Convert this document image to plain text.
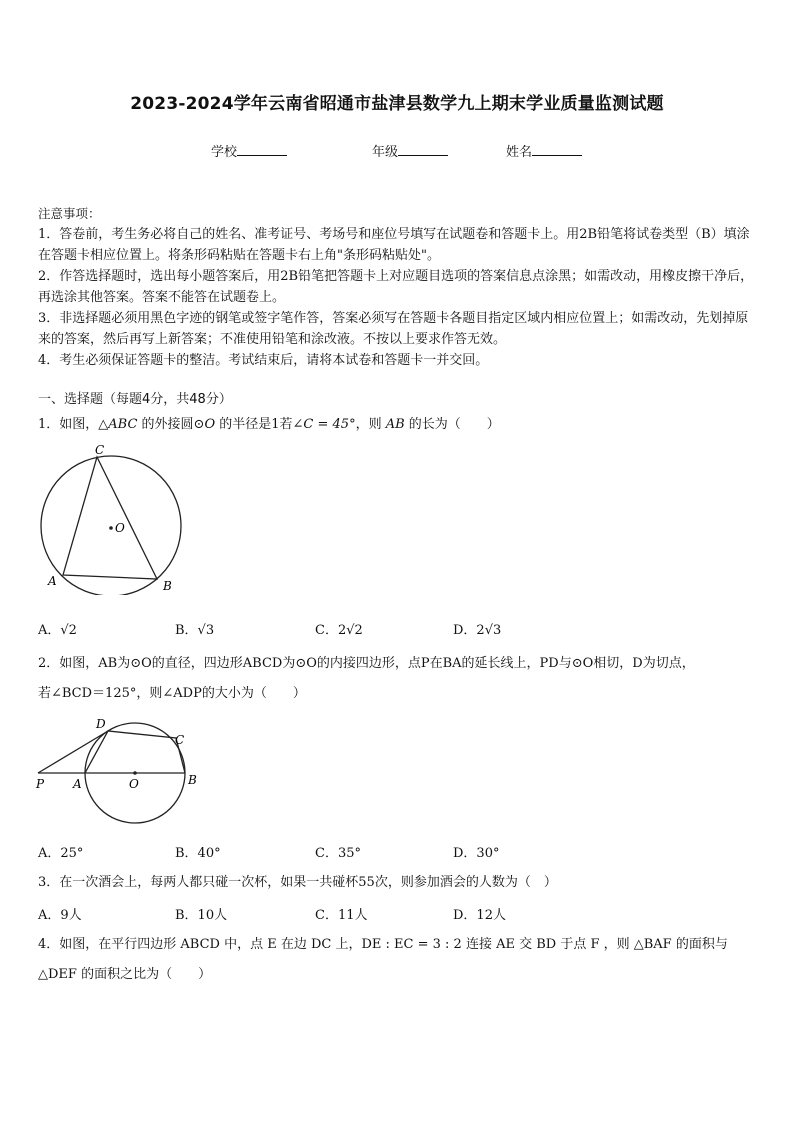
2023-2024学年云南省昭通市盐津县数学九上期末学业质量监测试题
学校	年级	姓名
注意事项：
1．答卷前，考生务必将自己的姓名、准考证号、考场号和座位号填写在试题卷和答题卡上。用2B铅笔将试卷类型（B）填涂在答题卡相应位置上。将条形码粘贴在答题卡右上角"条形码粘贴处"。
2．作答选择题时，选出每小题答案后，用2B铅笔把答题卡上对应题目选项的答案信息点涂黑；如需改动，用橡皮擦干净后，再选涂其他答案。答案不能答在试题卷上。
3．非选择题必须用黑色字迹的钢笔或签字笔作答，答案必须写在答题卡各题目指定区域内相应位置上；如需改动，先划掉原来的答案，然后再写上新答案；不准使用铅笔和涂改液。不按以上要求作答无效。
4．考生必须保证答题卡的整洁。考试结束后，请将本试卷和答题卡一并交回。
一、选择题（每题4分，共48分）
1．如图，△ABC 的外接圆⊙O 的半径是1若∠C = 45°，则 AB 的长为（　　）
C
O
A	B
A．√2	B．√3	C．2√2	D．2√3
2．如图，AB为⊙O的直径，四边形ABCD为⊙O的内接四边形，点P在BA的延长线上，PD与⊙O相切，D为切点，
若∠BCD＝125°，则∠ADP的大小为（　　）
D
C
P A	O	B
A．25°	B．40°	C．35°	D．30°
3．在一次酒会上，每两人都只碰一次杯，如果一共碰杯55次，则参加酒会的人数为（　）
A．9人	B．10人	C．11人	D．12人
4．如图，在平行四边形 ABCD 中，点 E 在边 DC 上，DE : EC = 3 : 2 连接 AE 交 BD 于点 F ，则 △BAF 的面积与
△DEF 的面积之比为（　　）
